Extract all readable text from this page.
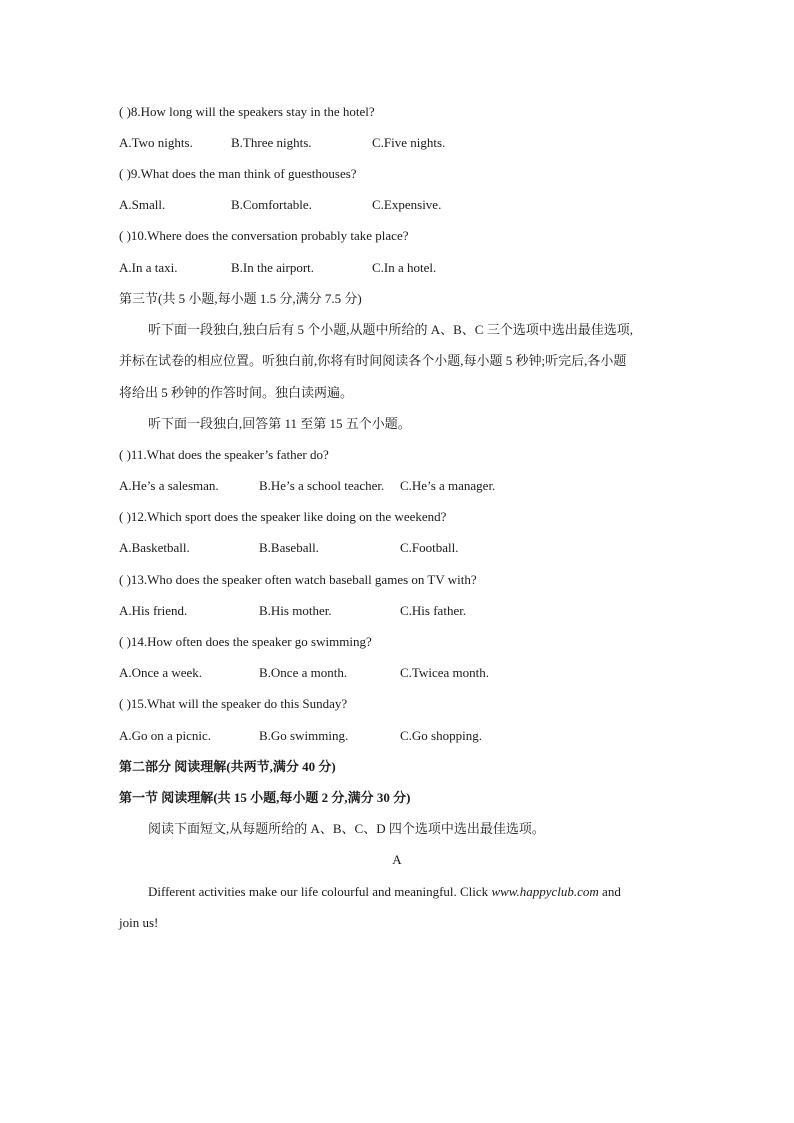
( )8.How long will the speakers stay in the hotel?
A.Two nights.	B.Three nights.	C.Five nights.
( )9.What does the man think of guesthouses?
A.Small.	B.Comfortable.	C.Expensive.
( )10.Where does the conversation probably take place?
A.In a taxi.	B.In the airport.	C.In a hotel.
第三节(共 5 小题,每小题 1.5 分,满分 7.5 分)
听下面一段独白,独白后有 5 个小题,从题中所给的 A、B、C 三个选项中选出最佳选项,
并标在试卷的相应位置。听独白前,你将有时间阅读各个小题,每小题 5 秒钟;听完后,各小题
将给出 5 秒钟的作答时间。独白读两遍。
听下面一段独白,回答第 11 至第 15 五个小题。
( )11.What does the speaker’s father do?
A.He’s a salesman.	B.He’s a school teacher. C.He’s a manager.
( )12.Which sport does the speaker like doing on the weekend?
A.Basketball.	B.Baseball.	C.Football.
( )13.Who does the speaker often watch baseball games on TV with?
A.His friend.	B.His mother.	C.His father.
( )14.How often does the speaker go swimming?
A.Once a week.	B.Once a month.	C.Twicea month.
( )15.What will the speaker do this Sunday?
A.Go on a picnic.	B.Go swimming.	C.Go shopping.
第二部分 阅读理解(共两节,满分 40 分)
第一节 阅读理解(共 15 小题,每小题 2 分,满分 30 分)
阅读下面短文,从每题所给的 A、B、C、D 四个选项中选出最佳选项。
A
Different activities make our life colourful and meaningful. Click www.happyclub.com and
join us!
